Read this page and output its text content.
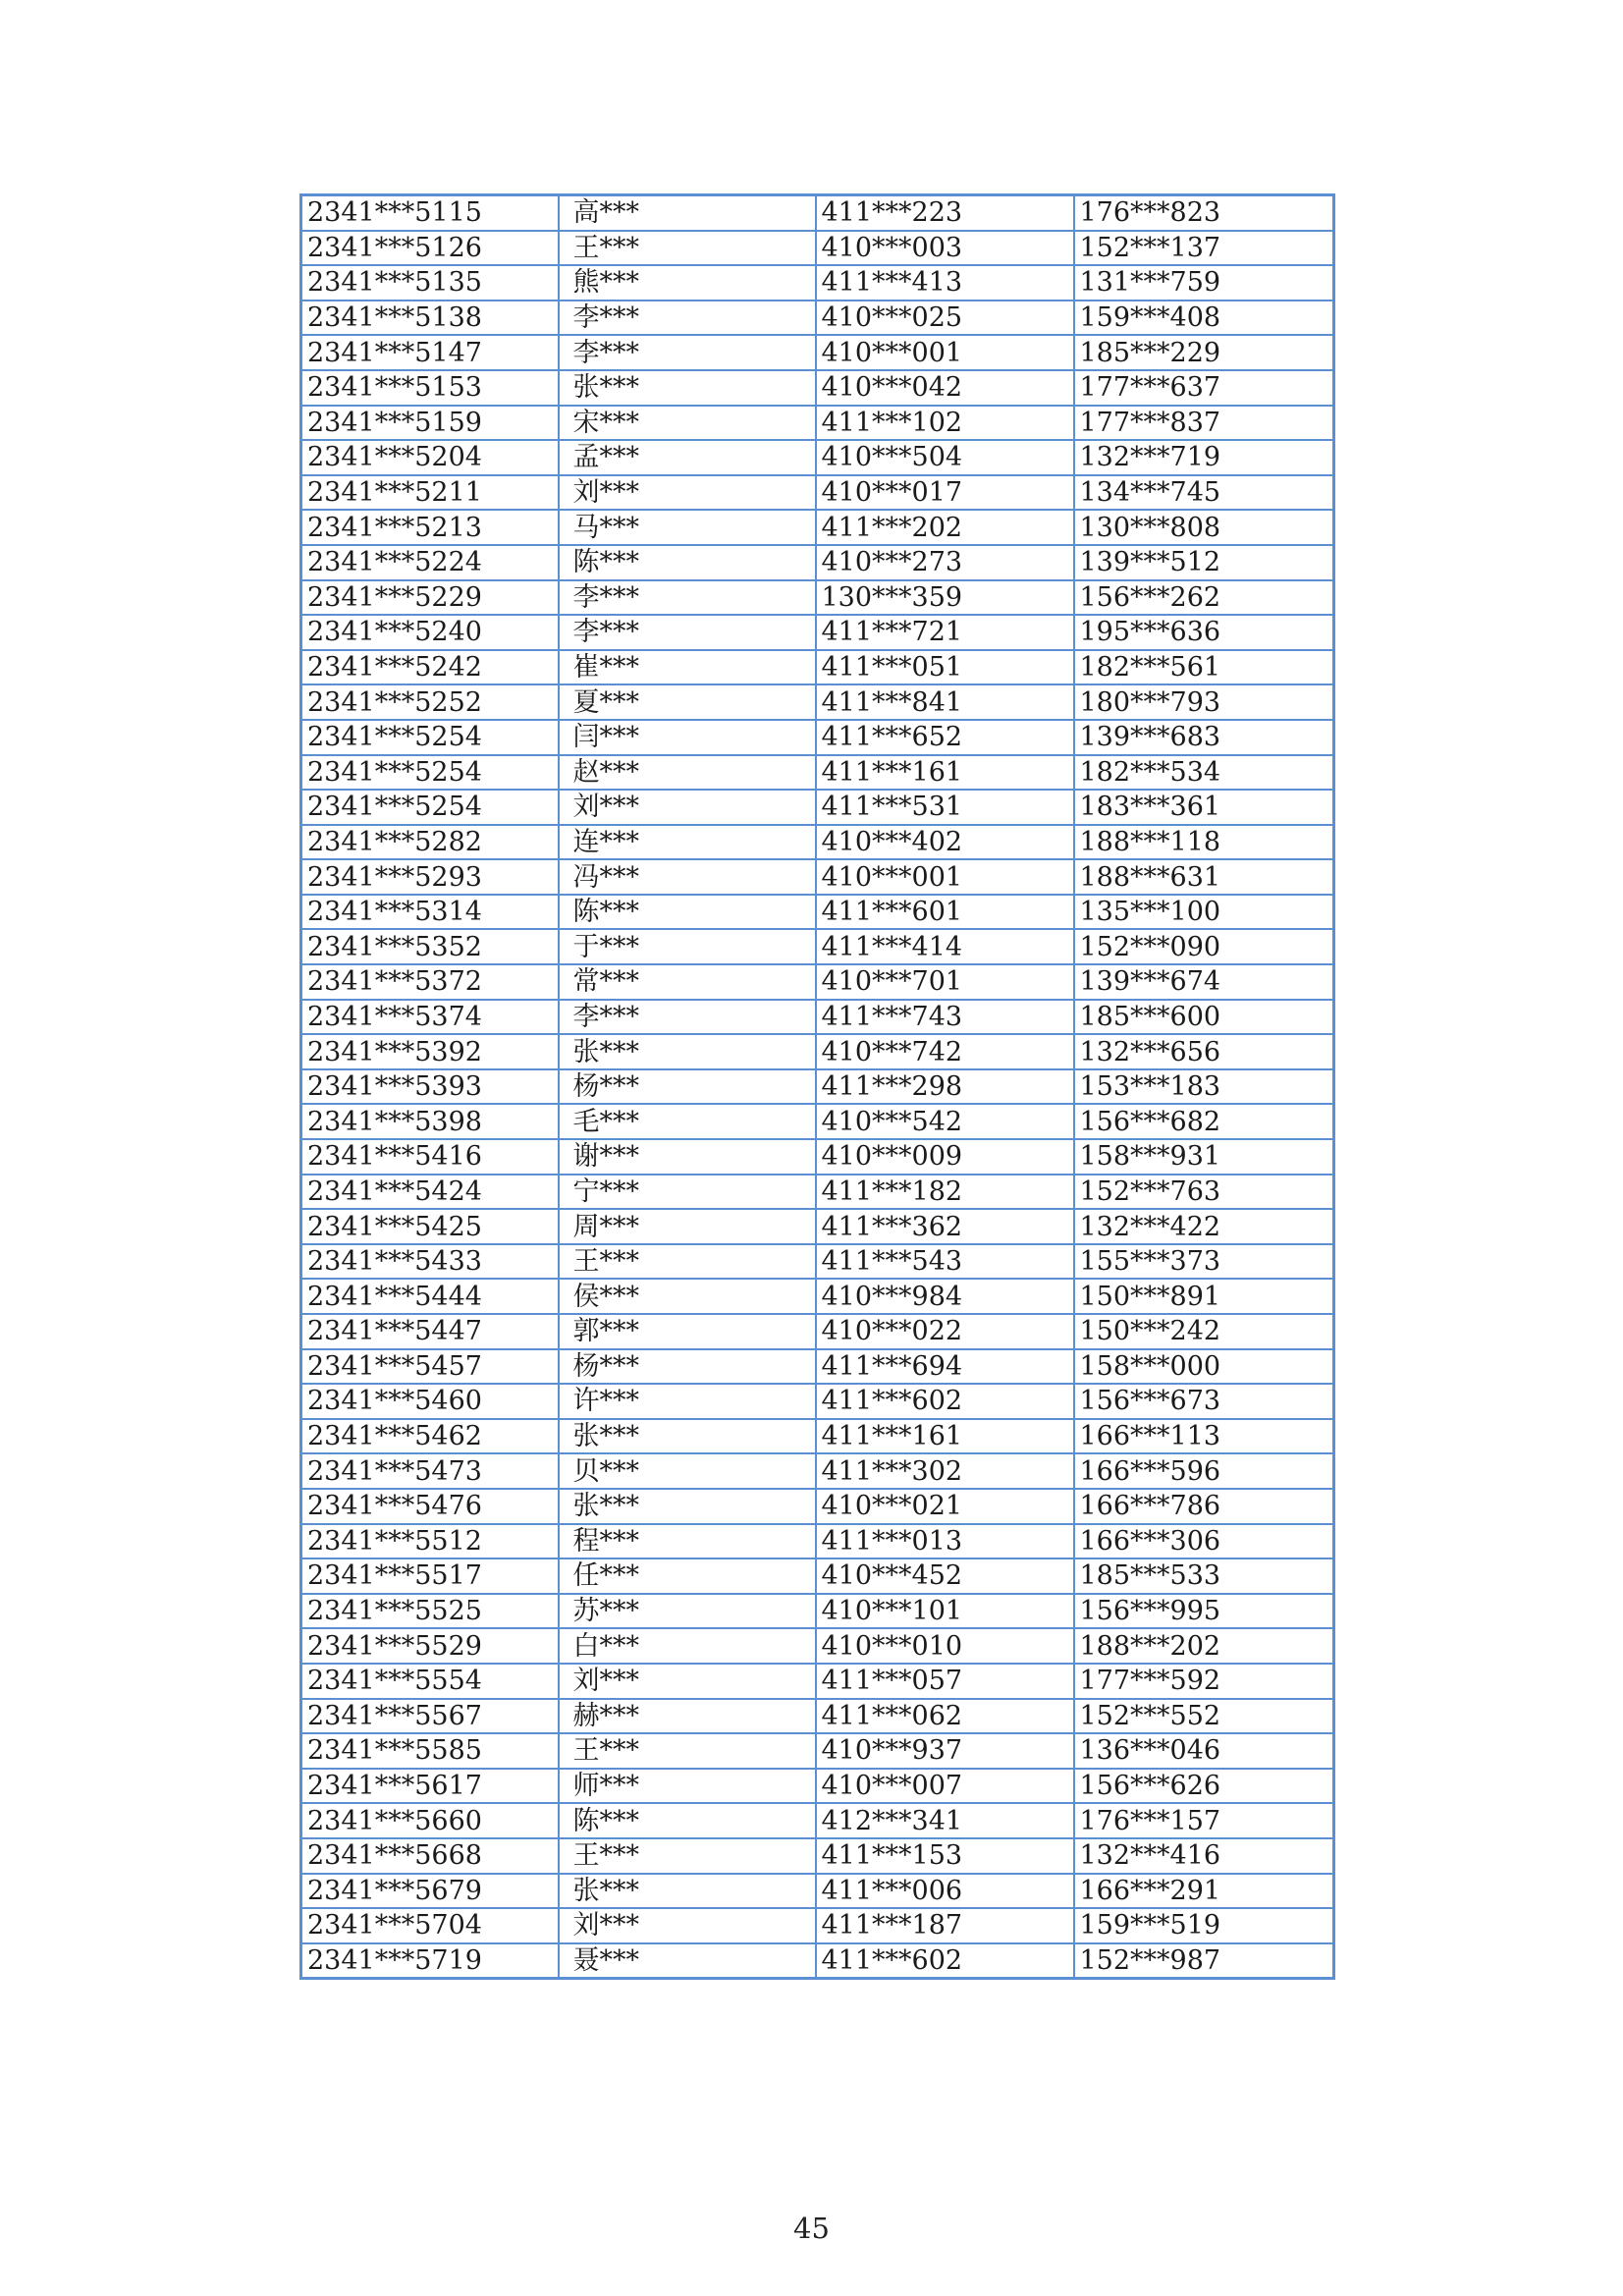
2341***5115	高***	411***223	176***823
2341***5126	王***	410***003	152***137
2341***5135	熊***	411***413	131***759
2341***5138	李***	410***025	159***408
2341***5147	李***	410***001	185***229
2341***5153	张***	410***042	177***637
2341***5159	宋***	411***102	177***837
2341***5204	孟***	410***504	132***719
2341***5211	刘***	410***017	134***745
2341***5213	马***	411***202	130***808
2341***5224	陈***	410***273	139***512
2341***5229	李***	130***359	156***262
2341***5240	李***	411***721	195***636
2341***5242	崔***	411***051	182***561
2341***5252	夏***	411***841	180***793
2341***5254	闫***	411***652	139***683
2341***5254	赵***	411***161	182***534
2341***5254	刘***	411***531	183***361
2341***5282	连***	410***402	188***118
2341***5293	冯***	410***001	188***631
2341***5314	陈***	411***601	135***100
2341***5352	于***	411***414	152***090
2341***5372	常***	410***701	139***674
2341***5374	李***	411***743	185***600
2341***5392	张***	410***742	132***656
2341***5393	杨***	411***298	153***183
2341***5398	毛***	410***542	156***682
2341***5416	谢***	410***009	158***931
2341***5424	宁***	411***182	152***763
2341***5425	周***	411***362	132***422
2341***5433	王***	411***543	155***373
2341***5444	侯***	410***984	150***891
2341***5447	郭***	410***022	150***242
2341***5457	杨***	411***694	158***000
2341***5460	许***	411***602	156***673
2341***5462	张***	411***161	166***113
2341***5473	贝***	411***302	166***596
2341***5476	张***	410***021	166***786
2341***5512	程***	411***013	166***306
2341***5517	任***	410***452	185***533
2341***5525	苏***	410***101	156***995
2341***5529	白***	410***010	188***202
2341***5554	刘***	411***057	177***592
2341***5567	赫***	411***062	152***552
2341***5585	王***	410***937	136***046
2341***5617	师***	410***007	156***626
2341***5660	陈***	412***341	176***157
2341***5668	王***	411***153	132***416
2341***5679	张***	411***006	166***291
2341***5704	刘***	411***187	159***519
2341***5719	聂***	411***602	152***987
45
